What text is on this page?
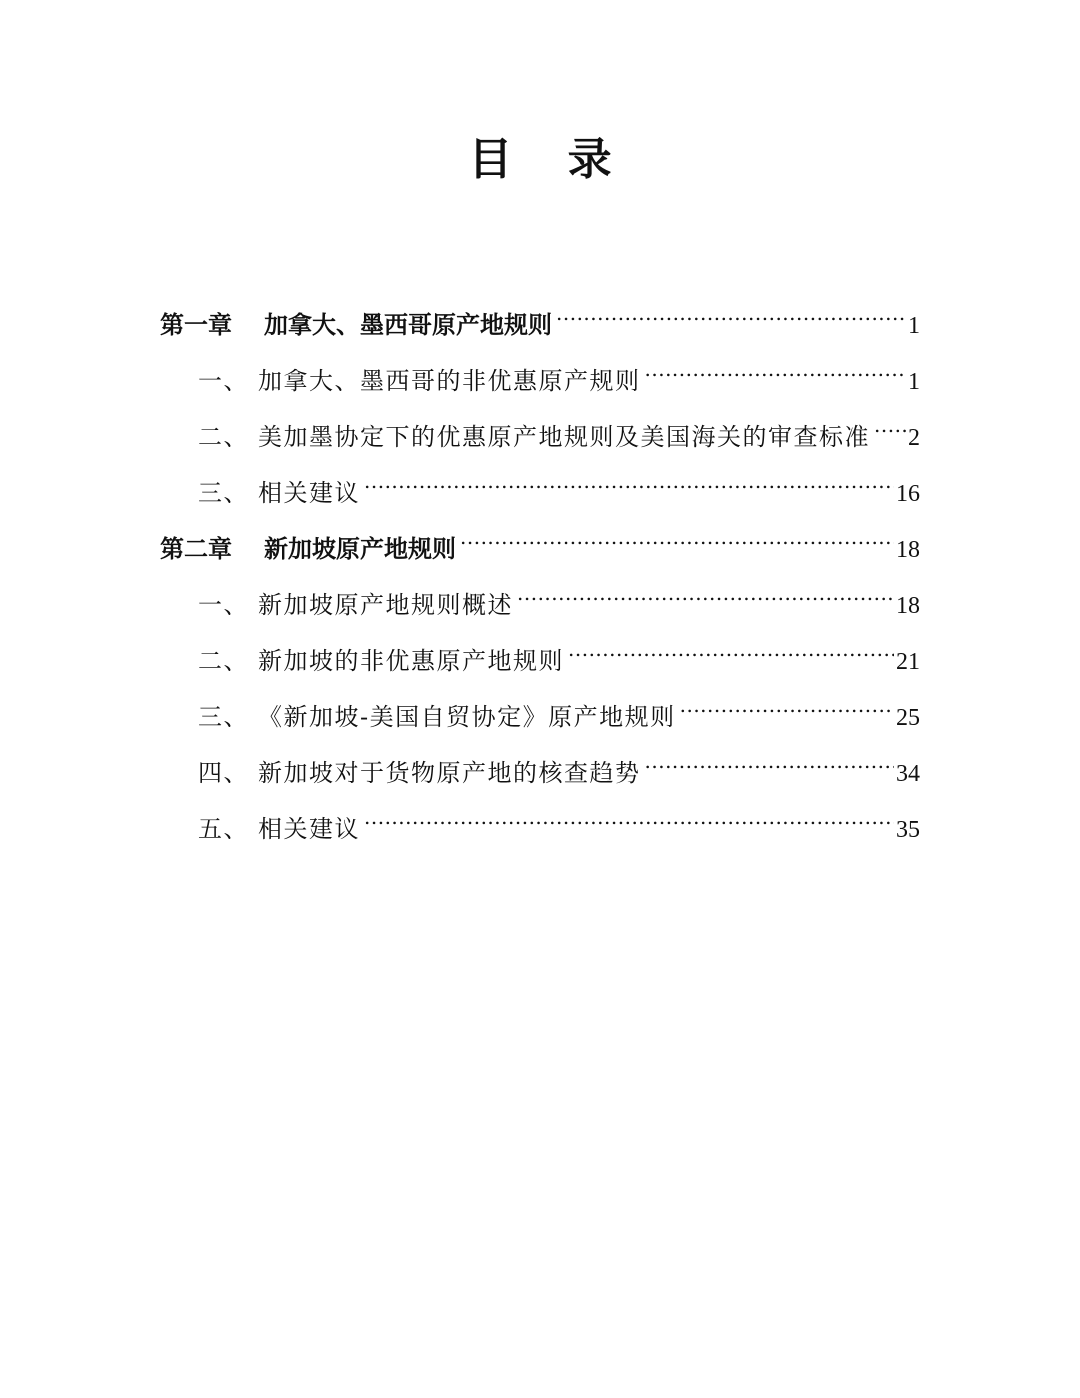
目 录
第一章	加拿大、墨西哥原产地规则 .....	1
一、 加拿大、墨西哥的非优惠原产规则 .....	1
二、 美加墨协定下的优惠原产地规则及美国海关的审查标准 ..... 2
三、 相关建议 .....	16
第二章	新加坡原产地规则 .....	18
一、 新加坡原产地规则概述 .....	18
二、 新加坡的非优惠原产地规则 .....	21
三、 《新加坡-美国自贸协定》原产地规则 .....	25
四、 新加坡对于货物原产地的核查趋势 .....	34
五、 相关建议 .....	35
